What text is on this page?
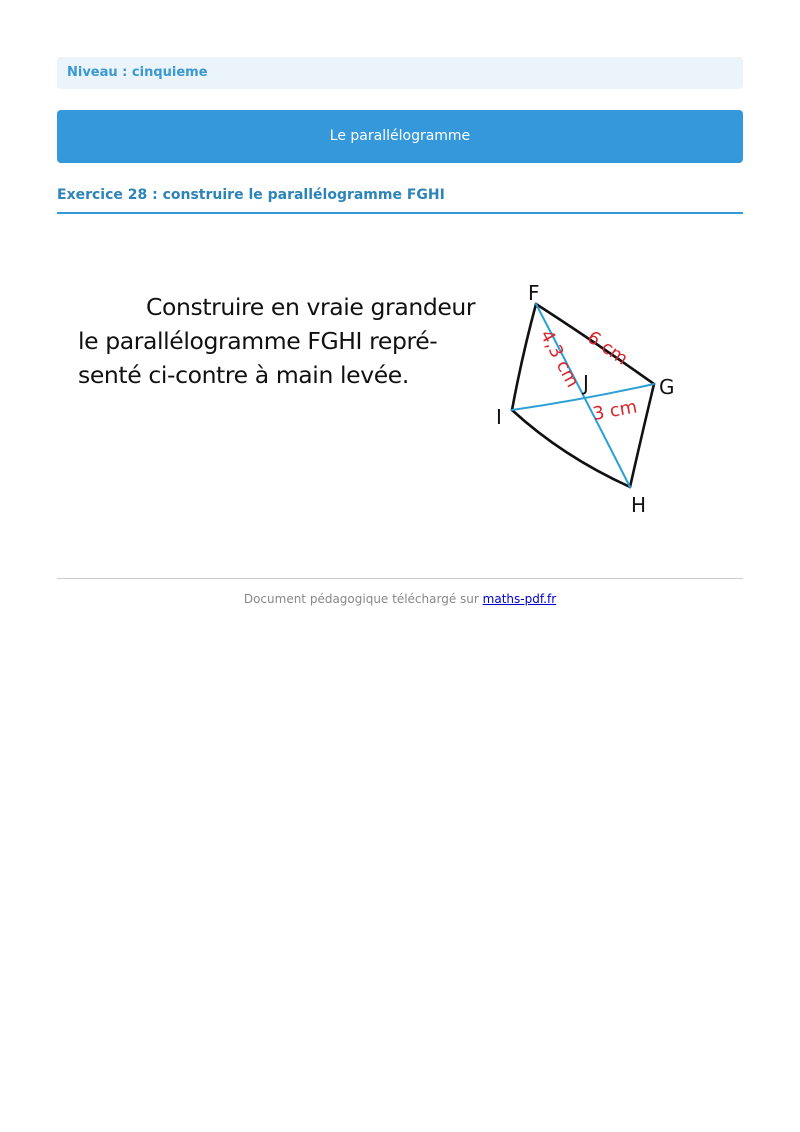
Niveau : cinquieme
Le parallélogramme
Exercice 28 : construire le parallélogramme FGHI
Construire en vraie grandeur
le parallélogramme FGHI repré-
senté ci-contre à main levée.
F
G
H
I
J
6 cm
4,3 cm
3 cm
Document pédagogique téléchargé sur maths-pdf.fr
